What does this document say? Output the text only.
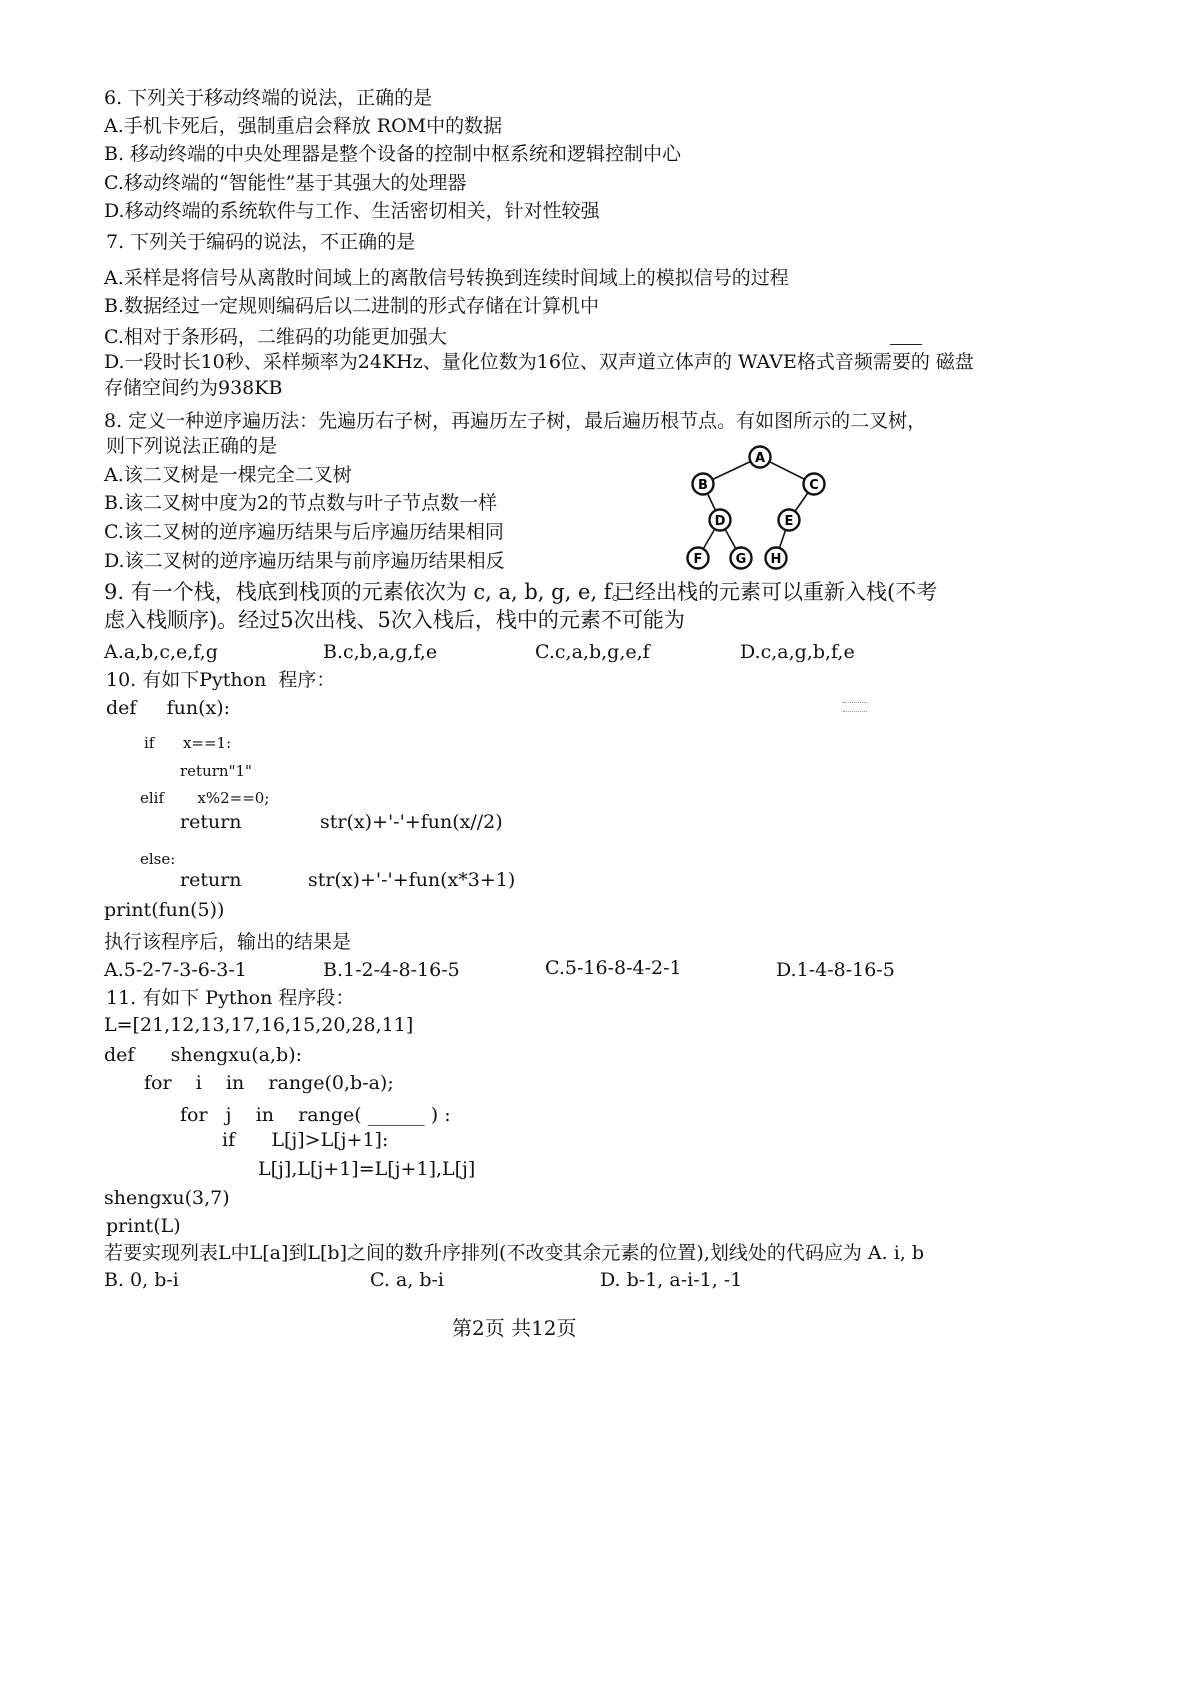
6. 下列关于移动终端的说法，正确的是
A.手机卡死后，强制重启会释放 ROM中的数据
B. 移动终端的中央处理器是整个设备的控制中枢系统和逻辑控制中心
C.移动终端的“智能性”基于其强大的处理器
D.移动终端的系统软件与工作、生活密切相关，针对性较强
7. 下列关于编码的说法，不正确的是
A.采样是将信号从离散时间域上的离散信号转换到连续时间域上的模拟信号的过程
B.数据经过一定规则编码后以二进制的形式存储在计算机中
C.相对于条形码，二维码的功能更加强大
D.一段时长10秒、采样频率为24KHz、量化位数为16位、双声道立体声的 WAVE格式音频需要的 磁盘
存储空间约为938KB
8. 定义一种逆序遍历法：先遍历右子树，再遍历左子树，最后遍历根节点。有如图所示的二叉树，
则下列说法正确的是
A.该二叉树是一棵完全二叉树
B.该二叉树中度为2的节点数与叶子节点数一样
C.该二叉树的逆序遍历结果与后序遍历结果相同
D.该二叉树的逆序遍历结果与前序遍历结果相反
A
B	C
D	E
F	G H
9. 有一个栈，栈底到栈顶的元素依次为 c, a, b, g, e, f。
已经出栈的元素可以重新入栈(不考
虑入栈顺序)。经过5次出栈、5次入栈后，栈中的元素不可能为
A.a,b,c,e,f,g	B.c,b,a,g,f,e	C.c,a,b,g,e,f	D.c,a,g,b,f,e
10. 有如下Python  程序：
def     fun(x):
if      x==1:
return"1"
elif       x%2==0;
return             str(x)+'-'+fun(x//2)
else:
return           str(x)+'-'+fun(x*3+1)
print(fun(5))
执行该程序后，输出的结果是
A.5-2-7-3-6-3-1	B.1-2-4-8-16-5	C.5-16-8-4-2-1	D.1-4-8-16-5
11. 有如下 Python 程序段：
L=[21,12,13,17,16,15,20,28,11]
def      shengxu(a,b):
for    i    in    range(0,b-a);
for   j    in    range( ______ ) :
if      L[j]>L[j+1]:
L[j],L[j+1]=L[j+1],L[j]
shengxu(3,7)
print(L)
若要实现列表L中L[a]到L[b]之间的数升序排列(不改变其余元素的位置),划线处的代码应为 A. i, b
B. 0, b-i	C. a, b-i	D. b-1, a-i-1, -1
第2页 共12页
